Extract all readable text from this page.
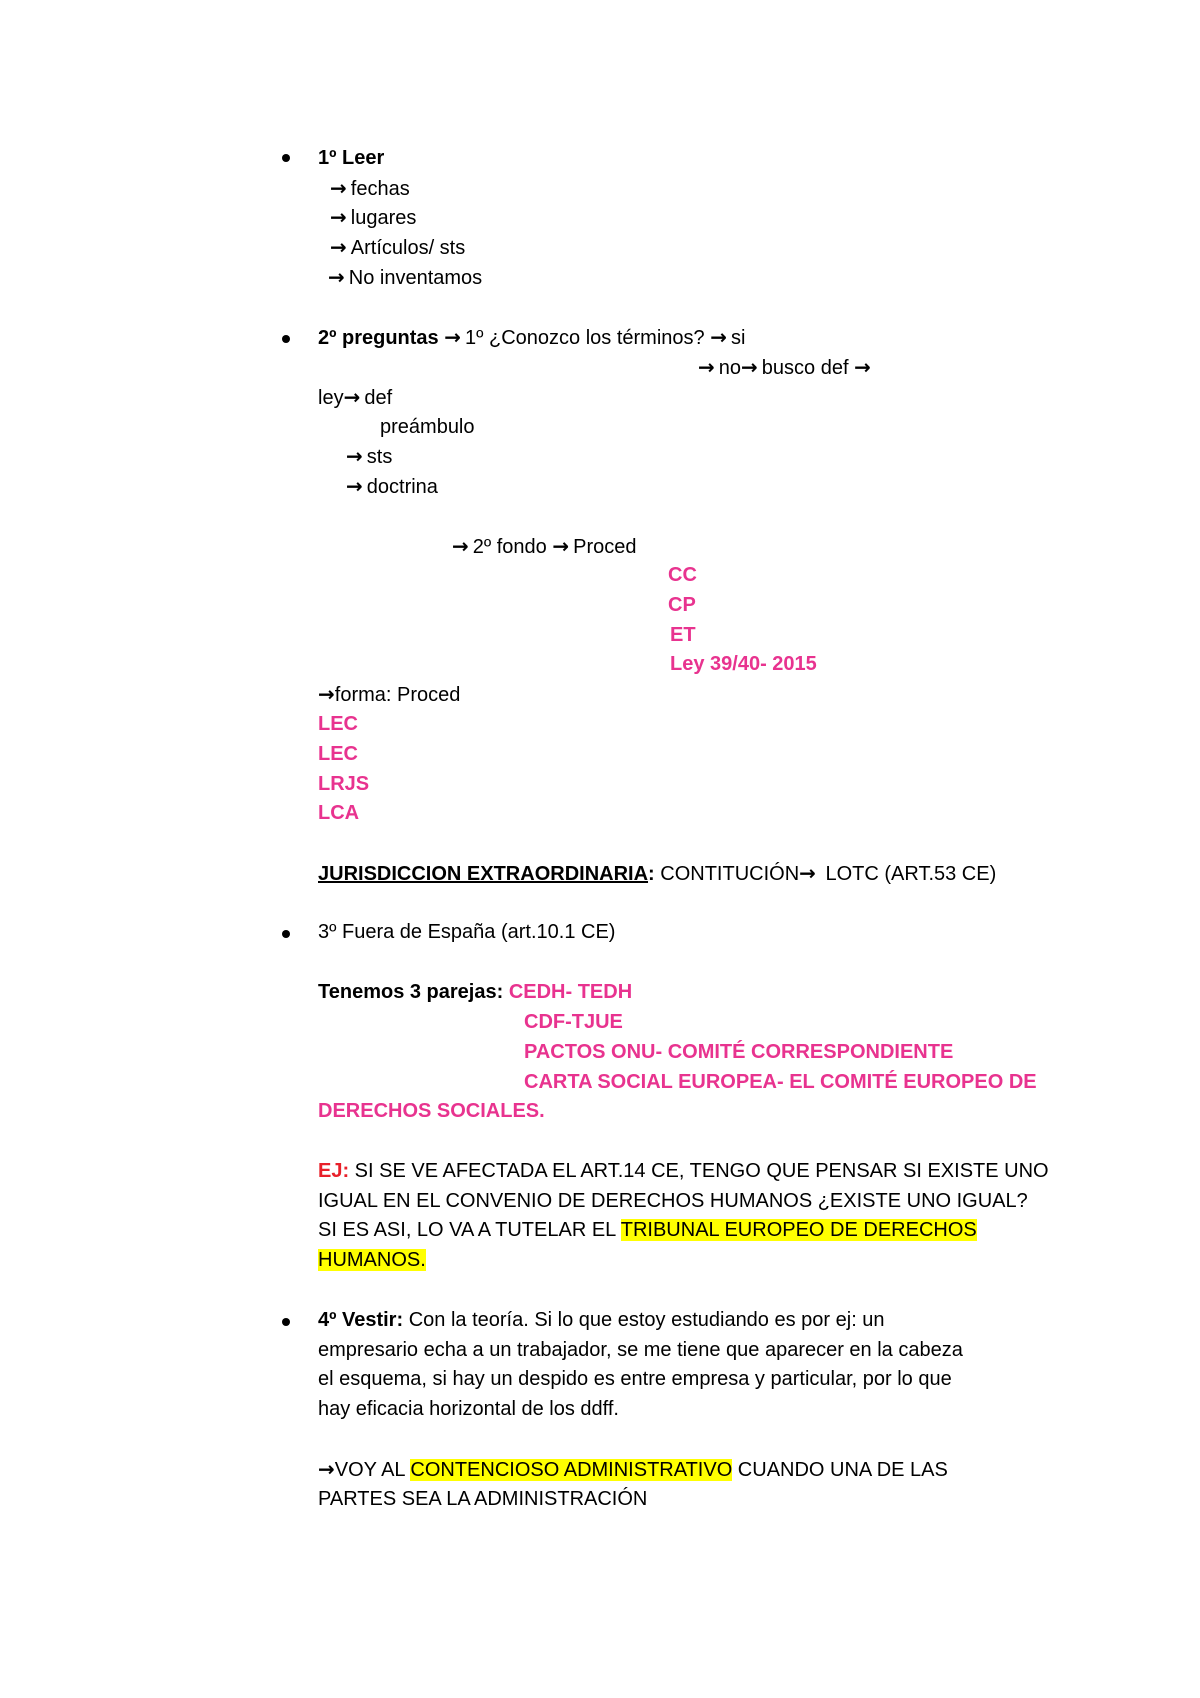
1º Leer
→ fechas
→ lugares
→ Artículos/ sts
→ No inventamos
2º preguntas → 1º ¿Conozco los términos? → si
→ no→ busco def →
ley→ def
preámbulo
→ sts
→ doctrina
→ 2º fondo → Proced
CC
CP
ET
Ley 39/40- 2015
→forma: Proced
LEC
LEC
LRJS
LCA
JURISDICCION EXTRAORDINARIA: CONTITUCIÓN→ LOTC (ART.53 CE)
3º Fuera de España (art.10.1 CE)
Tenemos 3 parejas: CEDH- TEDH
CDF-TJUE
PACTOS ONU- COMITÉ CORRESPONDIENTE
CARTA SOCIAL EUROPEA- EL COMITÉ EUROPEO DE
DERECHOS SOCIALES.
EJ: SI SE VE AFECTADA EL ART.14 CE, TENGO QUE PENSAR SI EXISTE UNO
IGUAL EN EL CONVENIO DE DERECHOS HUMANOS ¿EXISTE UNO IGUAL?
SI ES ASI, LO VA A TUTELAR EL TRIBUNAL EUROPEO DE DERECHOS
HUMANOS.
4º Vestir: Con la teoría. Si lo que estoy estudiando es por ej: un
empresario echa a un trabajador, se me tiene que aparecer en la cabeza
el esquema, si hay un despido es entre empresa y particular, por lo que
hay eficacia horizontal de los ddff.
→VOY AL CONTENCIOSO ADMINISTRATIVO CUANDO UNA DE LAS
PARTES SEA LA ADMINISTRACIÓN
